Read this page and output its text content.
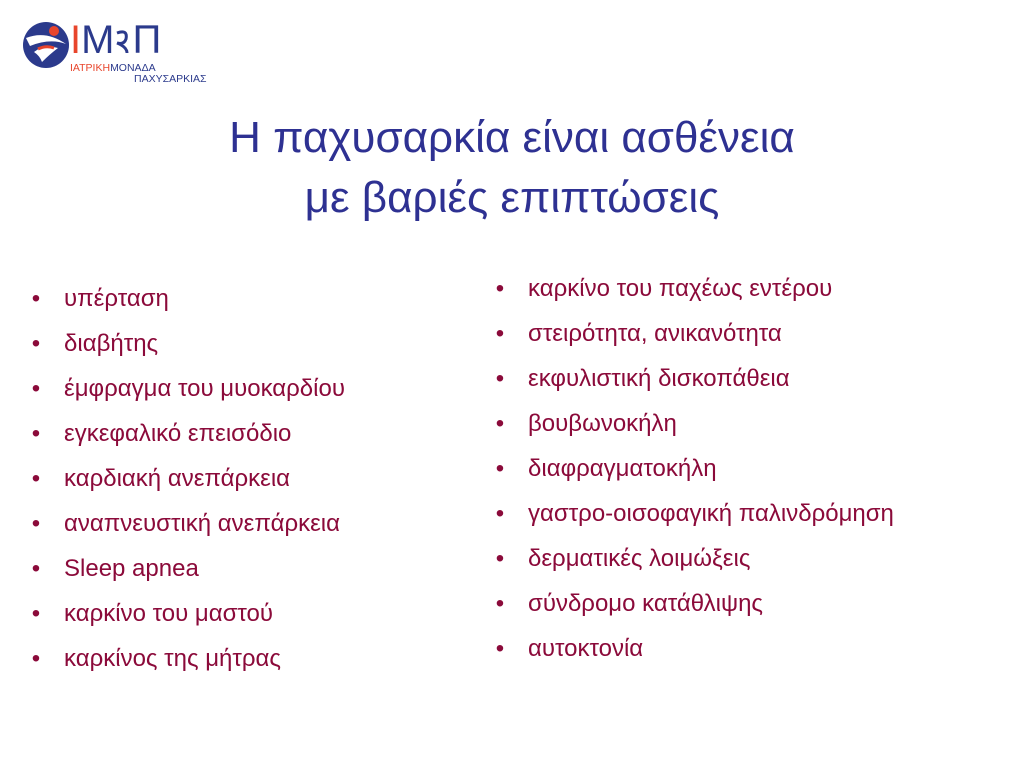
IΜ Π
ΙΑΤΡΙΚΗΜΟΝΑΔΑ
ΠΑΧΥΣΑΡΚΙΑΣ
Η παχυσαρκία είναι ασθένεια
με βαριές επιπτώσεις
• υπέρταση
• διαβήτης
• έμφραγμα του μυοκαρδίου
• εγκεφαλικό επεισόδιο
• καρδιακή ανεπάρκεια
• αναπνευστική ανεπάρκεια
• Sleep apnea
• καρκίνο του μαστού
• καρκίνος της μήτρας
• καρκίνο του παχέως εντέρου
• στειρότητα, ανικανότητα
• εκφυλιστική δισκοπάθεια
• βουβωνοκήλη
• διαφραγματοκήλη
• γαστρο-οισοφαγική παλινδρόμηση
• δερματικές λοιμώξεις
• σύνδρομο κατάθλιψης
• αυτοκτονία
